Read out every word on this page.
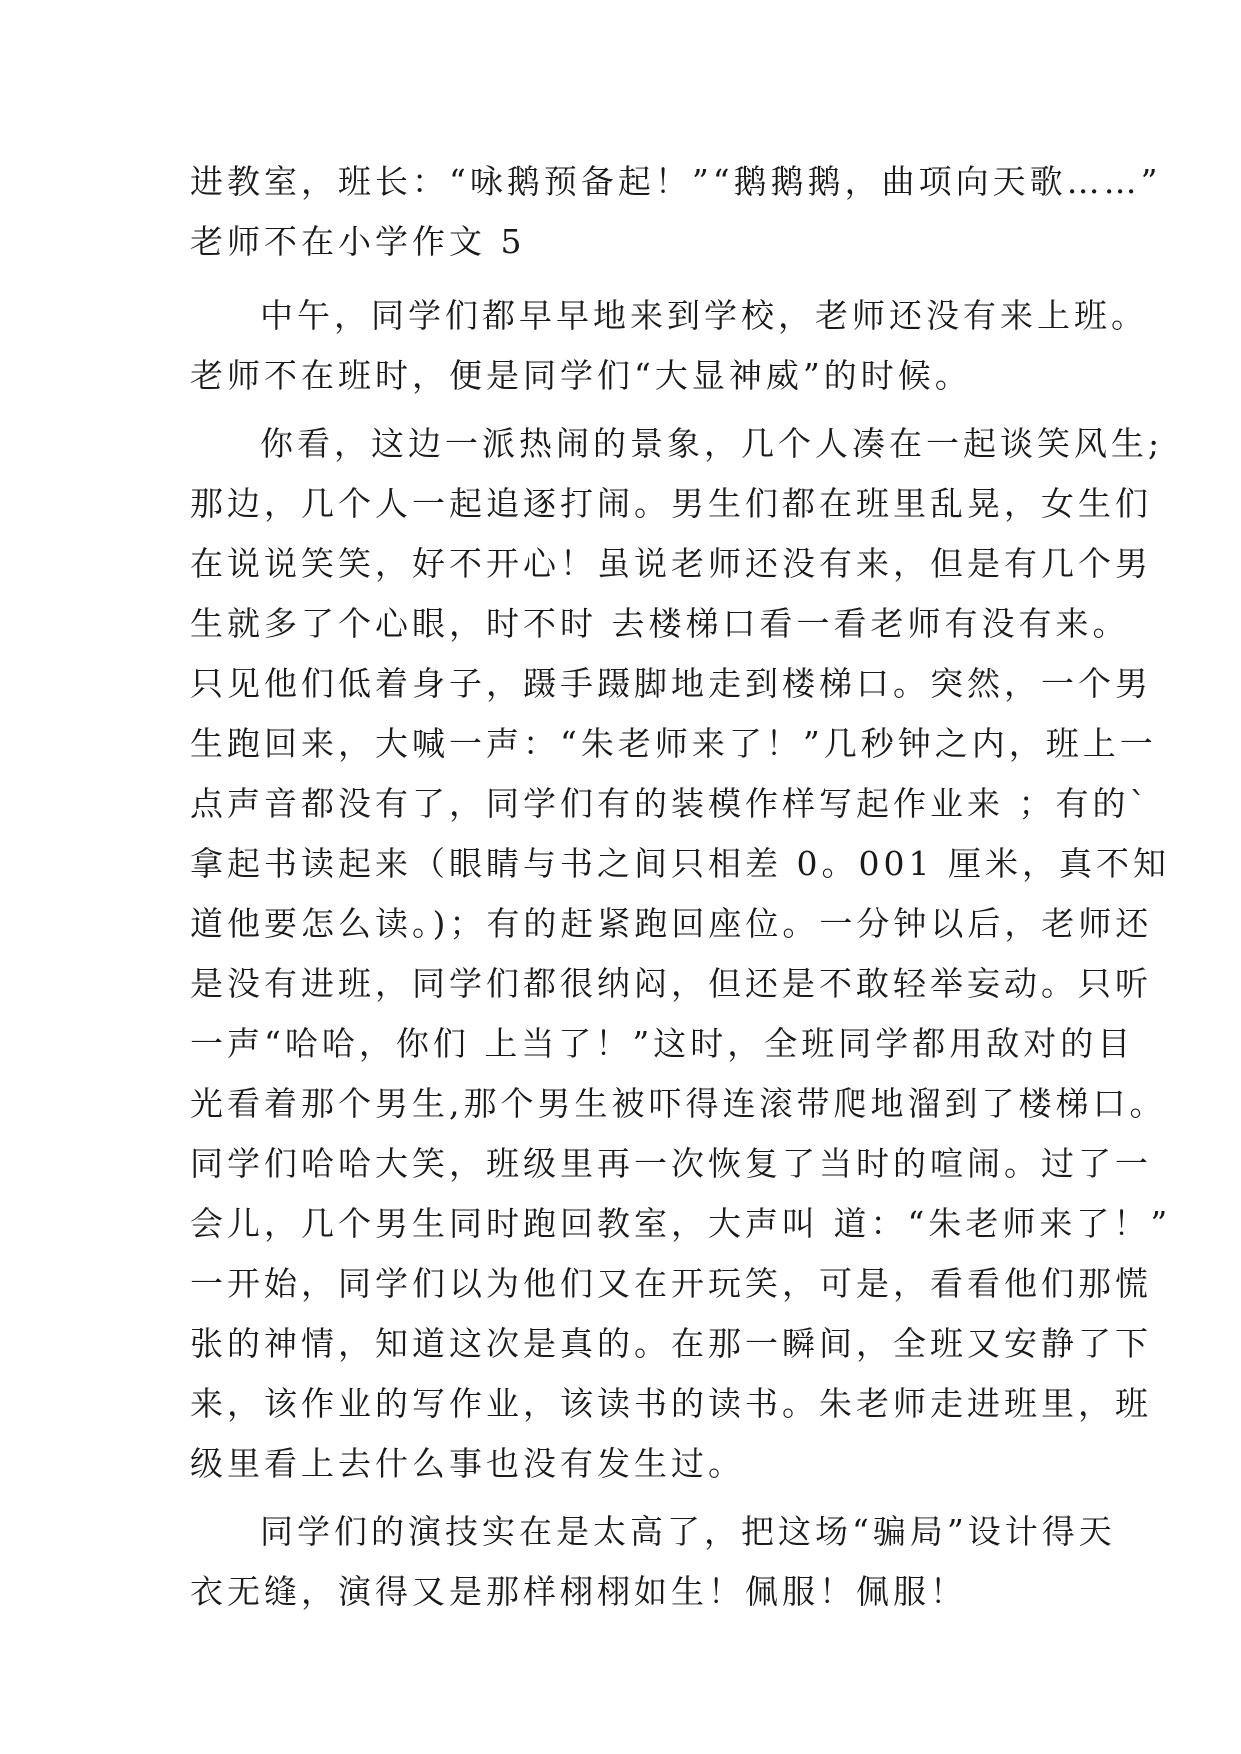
进教室，班长：“咏鹅预备起！”“鹅鹅鹅，曲项向天歌……”
老师不在小学作文 5
中午，同学们都早早地来到学校，老师还没有来上班。
老师不在班时，便是同学们“大显神威”的时候。
你看，这边一派热闹的景象，几个人凑在一起谈笑风生;
那边，几个人一起追逐打闹。男生们都在班里乱晃，女生们
在说说笑笑，好不开心！虽说老师还没有来，但是有几个男
生就多了个心眼，时不时 去楼梯口看一看老师有没有来。
只见他们低着身子，蹑手蹑脚地走到楼梯口。突然，一个男
生跑回来，大喊一声：“朱老师来了！”几秒钟之内，班上一
点声音都没有了，同学们有的装模作样写起作业来 ；有的`
拿起书读起来（眼睛与书之间只相差 0。001 厘米，真不知
道他要怎么读。)；有的赶紧跑回座位。一分钟以后，老师还
是没有进班，同学们都很纳闷，但还是不敢轻举妄动。只听
一声“哈哈，你们 上当了！”这时，全班同学都用敌对的目
光看着那个男生,那个男生被吓得连滚带爬地溜到了楼梯口。
同学们哈哈大笑，班级里再一次恢复了当时的喧闹。过了一
会儿，几个男生同时跑回教室，大声叫 道：“朱老师来了！”
一开始，同学们以为他们又在开玩笑，可是，看看他们那慌
张的神情，知道这次是真的。在那一瞬间，全班又安静了下
来，该作业的写作业，该读书的读书。朱老师走进班里，班
级里看上去什么事也没有发生过。
同学们的演技实在是太高了，把这场“骗局”设计得天
衣无缝，演得又是那样栩栩如生！佩服！佩服！
